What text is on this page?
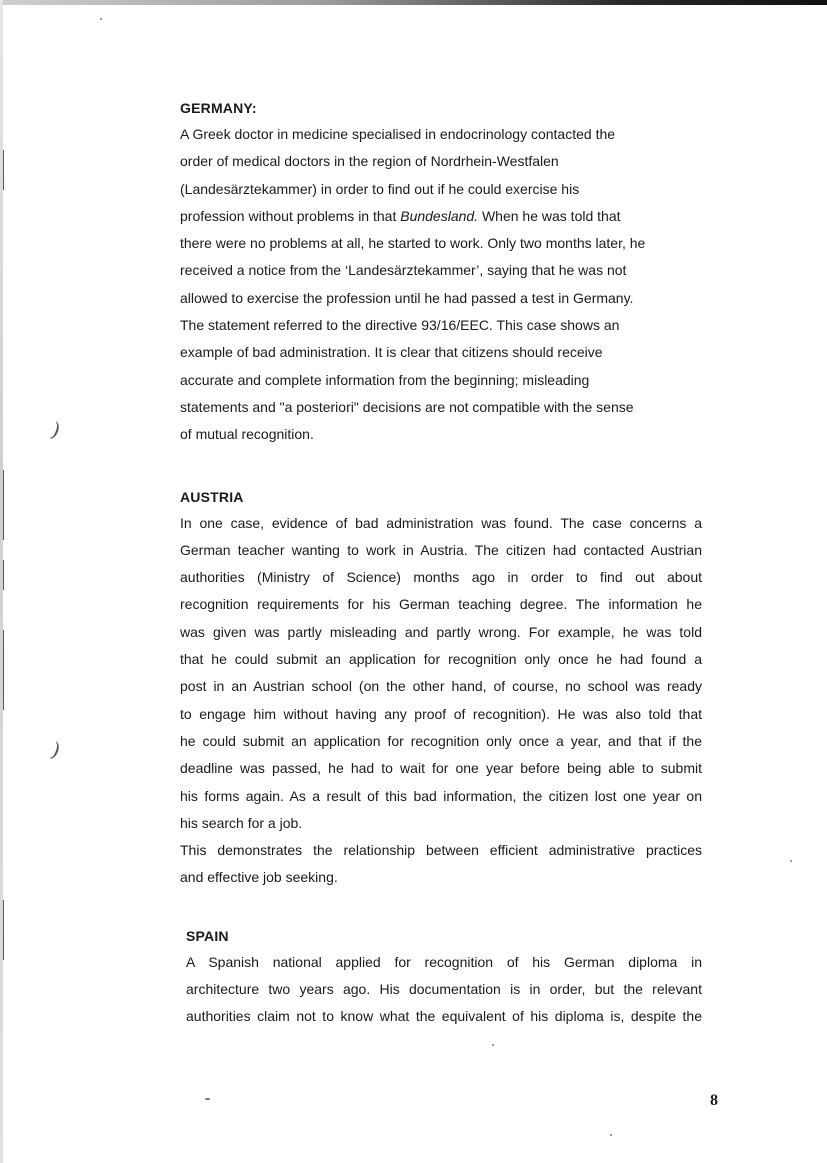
)
)
GERMANY:

A Greek doctor in medicine specialised in endocrinology contacted the
order of medical doctors in the region of Nordrhein-Westfalen
(Landesärztekammer) in order to find out if he could exercise his
profession without problems in that Bundesland. When he was told that
there were no problems at all, he started to work. Only two months later, he
received a notice from the ‘Landesärztekammer’, saying that he was not
allowed to exercise the profession until he had passed a test in Germany.
The statement referred to the directive 93/16/EEC. This case shows an
example of bad administration. It is clear that citizens should receive
accurate and complete information from the beginning; misleading
statements and "a posteriori" decisions are not compatible with the sense
of mutual recognition.

AUSTRIA

In one case, evidence of bad administration was found. The case concerns a
German teacher wanting to work in Austria. The citizen had contacted Austrian
authorities (Ministry of Science) months ago in order to find out about
recognition requirements for his German teaching degree. The information he
was given was partly misleading and partly wrong. For example, he was told
that he could submit an application for recognition only once he had found a
post in an Austrian school (on the other hand, of course, no school was ready
to engage him without having any proof of recognition). He was also told that
he could submit an application for recognition only once a year, and that if the
deadline was passed, he had to wait for one year before being able to submit
his forms again. As a result of this bad information, the citizen lost one year on
his search for a job.

This demonstrates the relationship between efficient administrative practices
and effective job seeking.

SPAIN

A Spanish national applied for recognition of his German diploma in
architecture two years ago. His documentation is in order, but the relevant
authorities claim not to know what the equivalent of his diploma is, despite the

8
